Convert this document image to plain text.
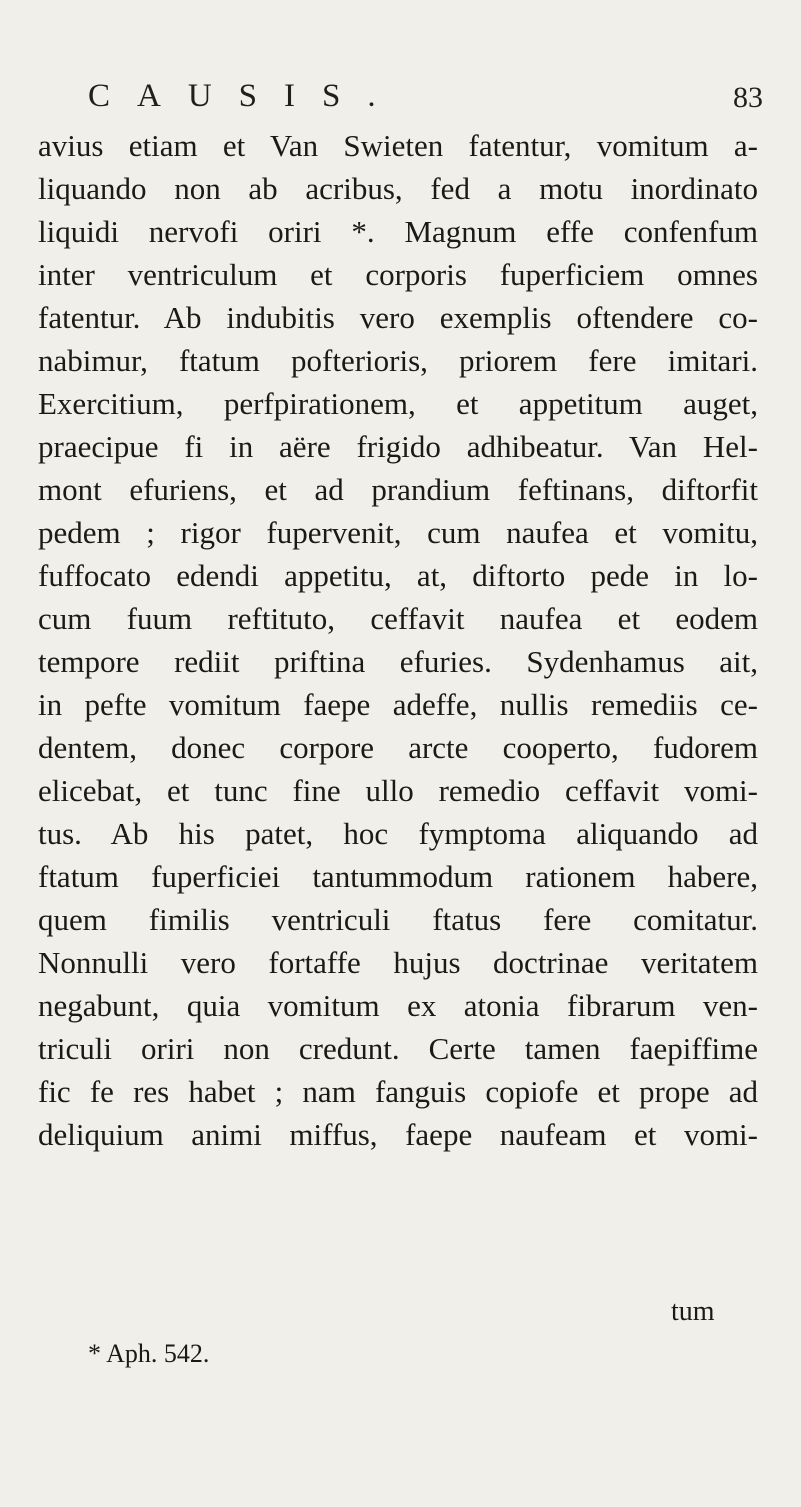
CAUSIS.	83
avius etiam et Van Swieten fatentur, vomitum a-
liquando non ab acribus, fed a motu inordinato
liquidi nervofi oriri *. Magnum effe confenfum
inter ventriculum et corporis fuperficiem omnes
fatentur. Ab indubitis vero exemplis oftendere co-
nabimur, ftatum pofterioris, priorem fere imitari.
Exercitium, perfpirationem, et appetitum auget,
praecipue fi in aëre frigido adhibeatur. Van Hel-
mont efuriens, et ad prandium feftinans, diftorfit
pedem ; rigor fupervenit, cum naufea et vomitu,
fuffocato edendi appetitu, at, diftorto pede in lo-
cum fuum reftituto, ceffavit naufea et eodem
tempore rediit priftina efuries. Sydenhamus ait,
in pefte vomitum faepe adeffe, nullis remediis ce-
dentem, donec corpore arcte cooperto, fudorem
elicebat, et tunc fine ullo remedio ceffavit vomi-
tus. Ab his patet, hoc fymptoma aliquando ad
ftatum fuperficiei tantummodum rationem habere,
quem fimilis ventriculi ftatus fere comitatur.
Nonnulli vero fortaffe hujus doctrinae veritatem
negabunt, quia vomitum ex atonia fibrarum ven-
triculi oriri non credunt. Certe tamen faepiffime
fic fe res habet ; nam fanguis copiofe et prope ad
deliquium animi miffus, faepe naufeam et vomi-
tum
* Aph. 542.
